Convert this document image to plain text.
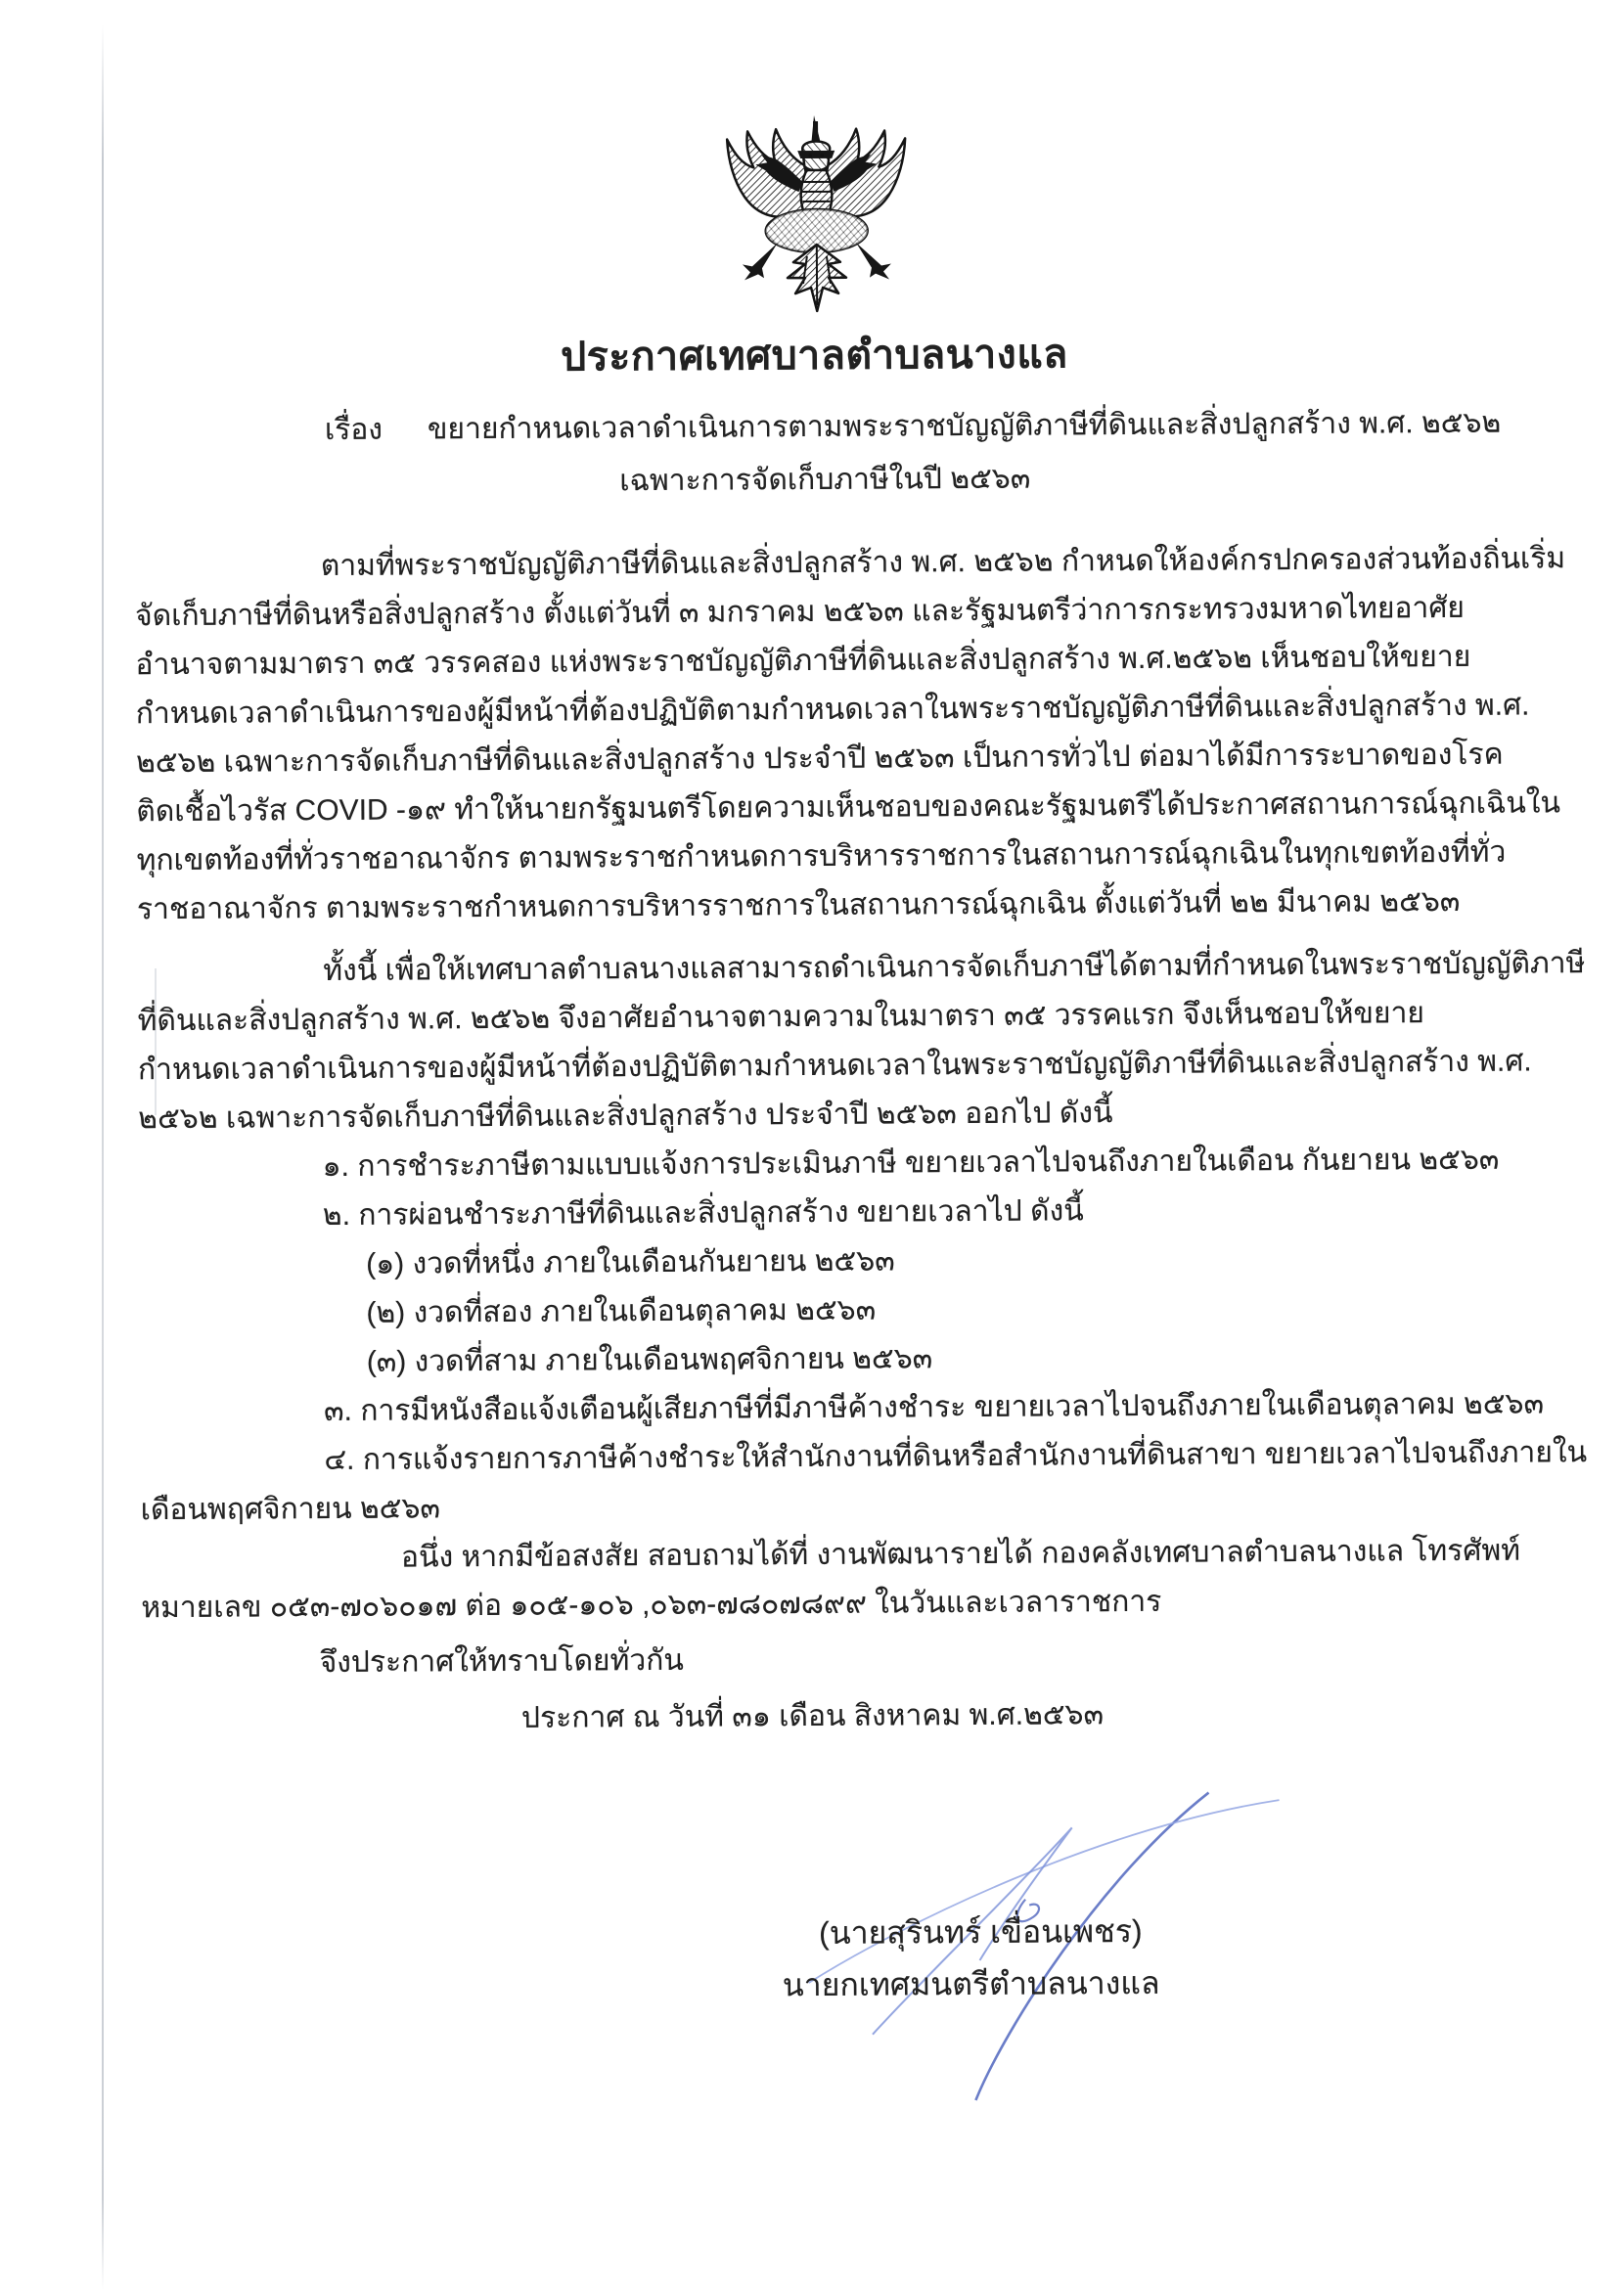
ประกาศเทศบาลตำบลนางแล
เรื่อง ขยายกำหนดเวลาดำเนินการตามพระราชบัญญัติภาษีที่ดินและสิ่งปลูกสร้าง พ.ศ. ๒๕๖๒
เฉพาะการจัดเก็บภาษีในปี ๒๕๖๓
ตามที่พระราชบัญญัติภาษีที่ดินและสิ่งปลูกสร้าง พ.ศ. ๒๕๖๒ กำหนดให้องค์กรปกครองส่วนท้องถิ่นเริ่ม
จัดเก็บภาษีที่ดินหรือสิ่งปลูกสร้าง ตั้งแต่วันที่ ๓ มกราคม ๒๕๖๓ และรัฐมนตรีว่าการกระทรวงมหาดไทยอาศัย
อำนาจตามมาตรา ๓๕ วรรคสอง แห่งพระราชบัญญัติภาษีที่ดินและสิ่งปลูกสร้าง พ.ศ.๒๕๖๒ เห็นชอบให้ขยาย
กำหนดเวลาดำเนินการของผู้มีหน้าที่ต้องปฏิบัติตามกำหนดเวลาในพระราชบัญญัติภาษีที่ดินและสิ่งปลูกสร้าง พ.ศ.
๒๕๖๒ เฉพาะการจัดเก็บภาษีที่ดินและสิ่งปลูกสร้าง ประจำปี ๒๕๖๓ เป็นการทั่วไป ต่อมาได้มีการระบาดของโรค
ติดเชื้อไวรัส COVID -๑๙ ทำให้นายกรัฐมนตรีโดยความเห็นชอบของคณะรัฐมนตรีได้ประกาศสถานการณ์ฉุกเฉินใน
ทุกเขตท้องที่ทั่วราชอาณาจักร ตามพระราชกำหนดการบริหารราชการในสถานการณ์ฉุกเฉินในทุกเขตท้องที่ทั่ว
ราชอาณาจักร ตามพระราชกำหนดการบริหารราชการในสถานการณ์ฉุกเฉิน ตั้งแต่วันที่ ๒๒ มีนาคม ๒๕๖๓
ทั้งนี้ เพื่อให้เทศบาลตำบลนางแลสามารถดำเนินการจัดเก็บภาษีได้ตามที่กำหนดในพระราชบัญญัติภาษี
ที่ดินและสิ่งปลูกสร้าง พ.ศ. ๒๕๖๒ จึงอาศัยอำนาจตามความในมาตรา ๓๕ วรรคแรก จึงเห็นชอบให้ขยาย
กำหนดเวลาดำเนินการของผู้มีหน้าที่ต้องปฏิบัติตามกำหนดเวลาในพระราชบัญญัติภาษีที่ดินและสิ่งปลูกสร้าง พ.ศ.
๒๕๖๒ เฉพาะการจัดเก็บภาษีที่ดินและสิ่งปลูกสร้าง ประจำปี ๒๕๖๓ ออกไป ดังนี้
๑. การชำระภาษีตามแบบแจ้งการประเมินภาษี ขยายเวลาไปจนถึงภายในเดือน กันยายน ๒๕๖๓
๒. การผ่อนชำระภาษีที่ดินและสิ่งปลูกสร้าง ขยายเวลาไป ดังนี้
(๑) งวดที่หนึ่ง ภายในเดือนกันยายน ๒๕๖๓
(๒) งวดที่สอง ภายในเดือนตุลาคม ๒๕๖๓
(๓) งวดที่สาม ภายในเดือนพฤศจิกายน ๒๕๖๓
๓. การมีหนังสือแจ้งเตือนผู้เสียภาษีที่มีภาษีค้างชำระ ขยายเวลาไปจนถึงภายในเดือนตุลาคม ๒๕๖๓
๔. การแจ้งรายการภาษีค้างชำระให้สำนักงานที่ดินหรือสำนักงานที่ดินสาขา ขยายเวลาไปจนถึงภายใน
เดือนพฤศจิกายน ๒๕๖๓
อนึ่ง หากมีข้อสงสัย สอบถามได้ที่ งานพัฒนารายได้ กองคลังเทศบาลตำบลนางแล โทรศัพท์
หมายเลข ๐๕๓-๗๐๖๐๑๗ ต่อ ๑๐๕-๑๐๖ ,๐๖๓-๗๘๐๗๘๙๙ ในวันและเวลาราชการ
จึงประกาศให้ทราบโดยทั่วกัน
ประกาศ ณ วันที่ ๓๑ เดือน สิงหาคม พ.ศ.๒๕๖๓
(นายสุรินทร์ เขื่อนเพชร)
นายกเทศมนตรีตำบลนางแล
